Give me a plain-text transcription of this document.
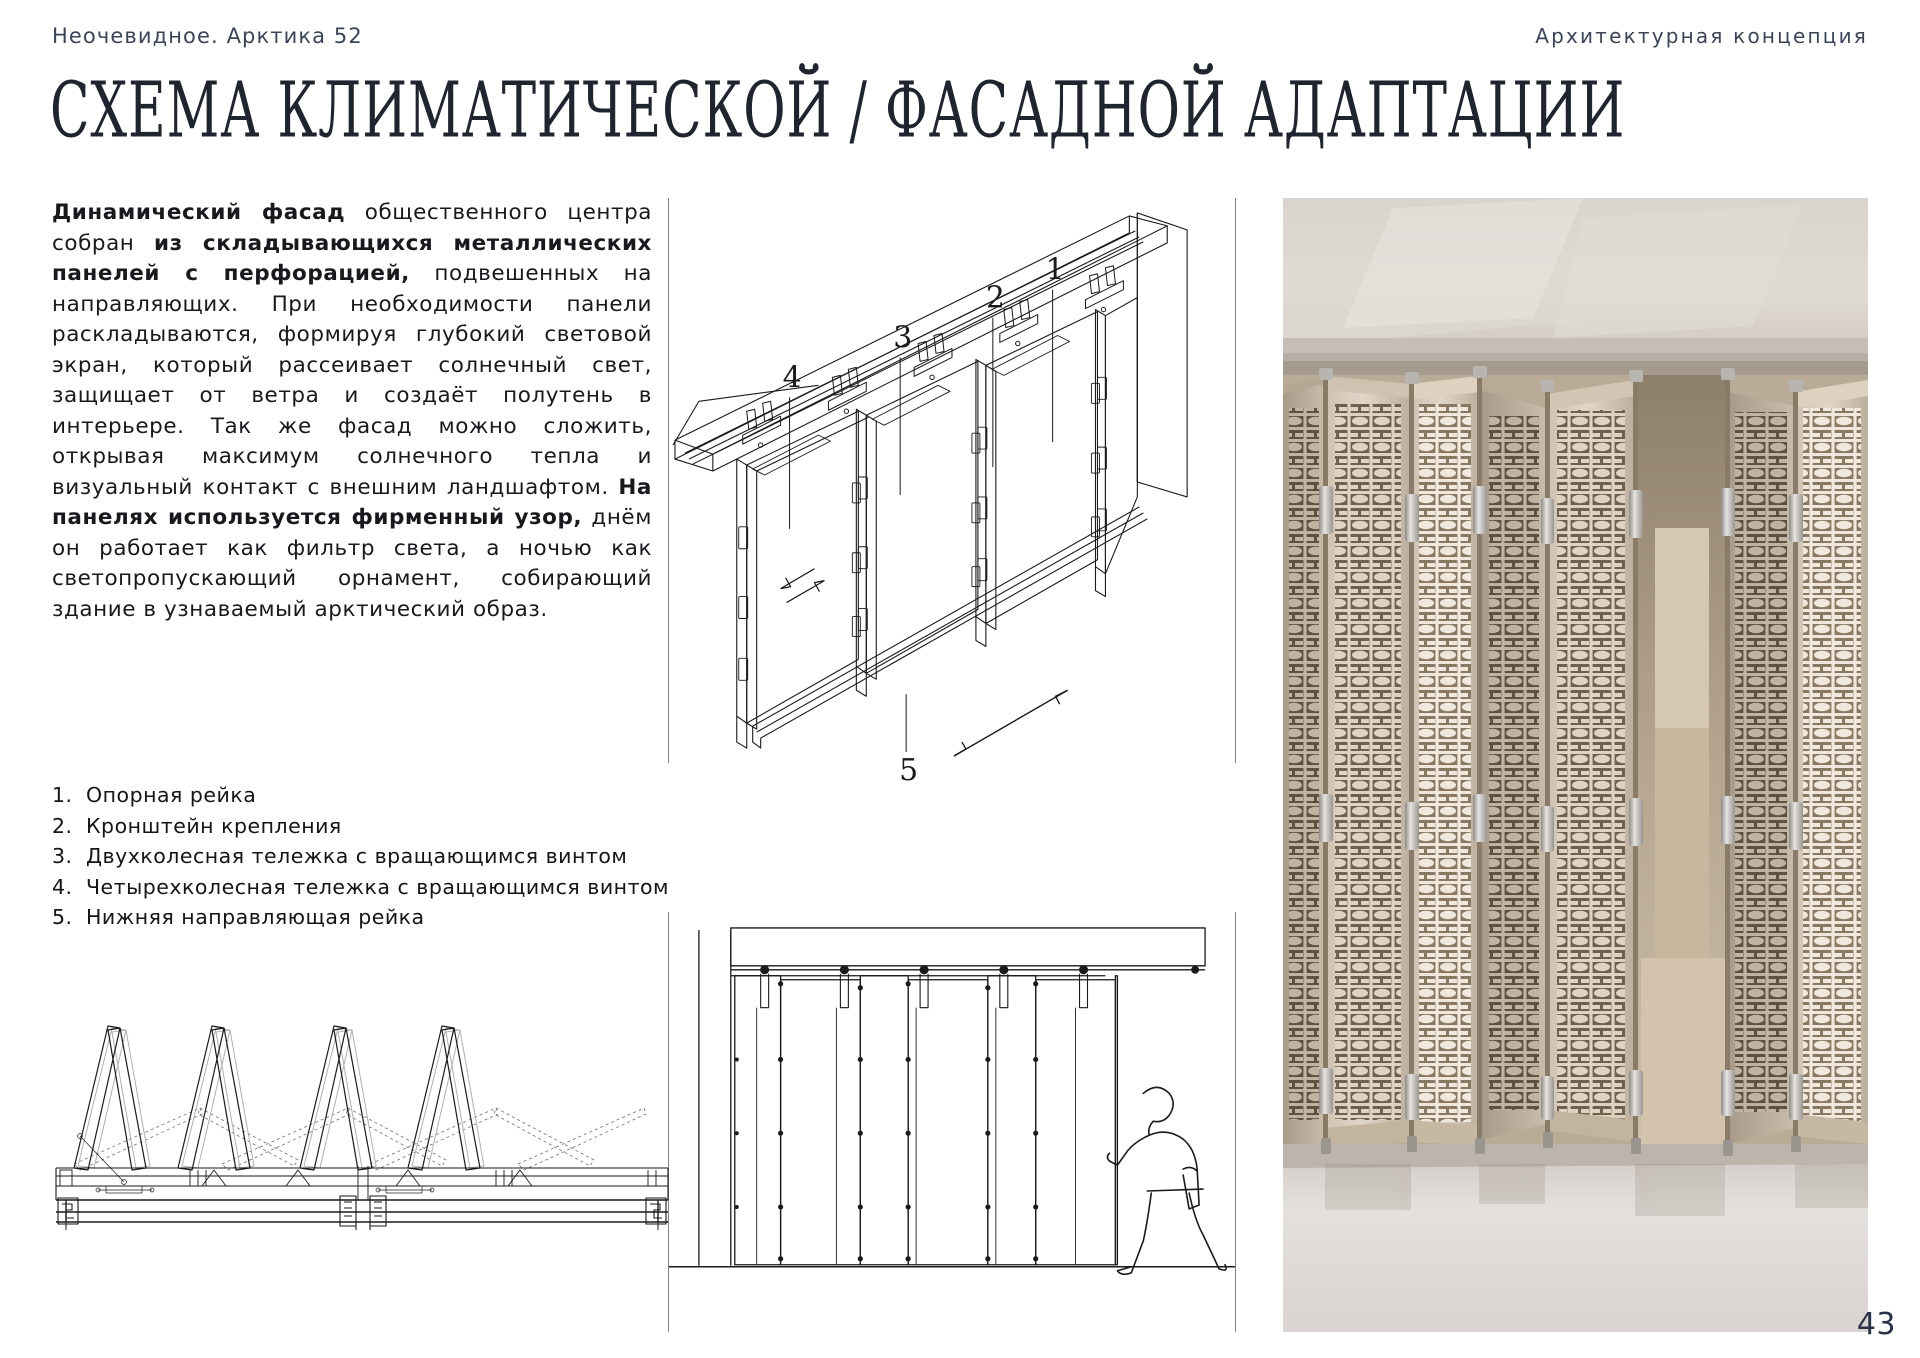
Неочевидное. Арктика 52	Архитектурная концепция
СХЕМА КЛИМАТИЧЕСКОЙ / ФАСАДНОЙ АДАПТАЦИИ
Динамический фасад общественного центра собран из складывающихся металлических панелей с перфорацией, подвешенных на направляющих. При необходимости панели раскладываются, формируя глубокий световой экран, который рассеивает солнечный свет, защищает от ветра и создаёт полутень в интерьере. Так же фасад можно сложить, открывая максимум солнечного тепла и визуальный контакт с внешним ландшафтом. На панелях используется фирменный узор, днём он работает как фильтр света, а ночью как светопропускающий орнамент, собирающий здание в узнаваемый арктический образ.
1. Опорная рейка
2. Кронштейн крепления
3. Двухколесная тележка с вращающимся винтом
4. Четырехколесная тележка с вращающимся винтом
5. Нижняя направляющая рейка
4
3
2
1
5
43
